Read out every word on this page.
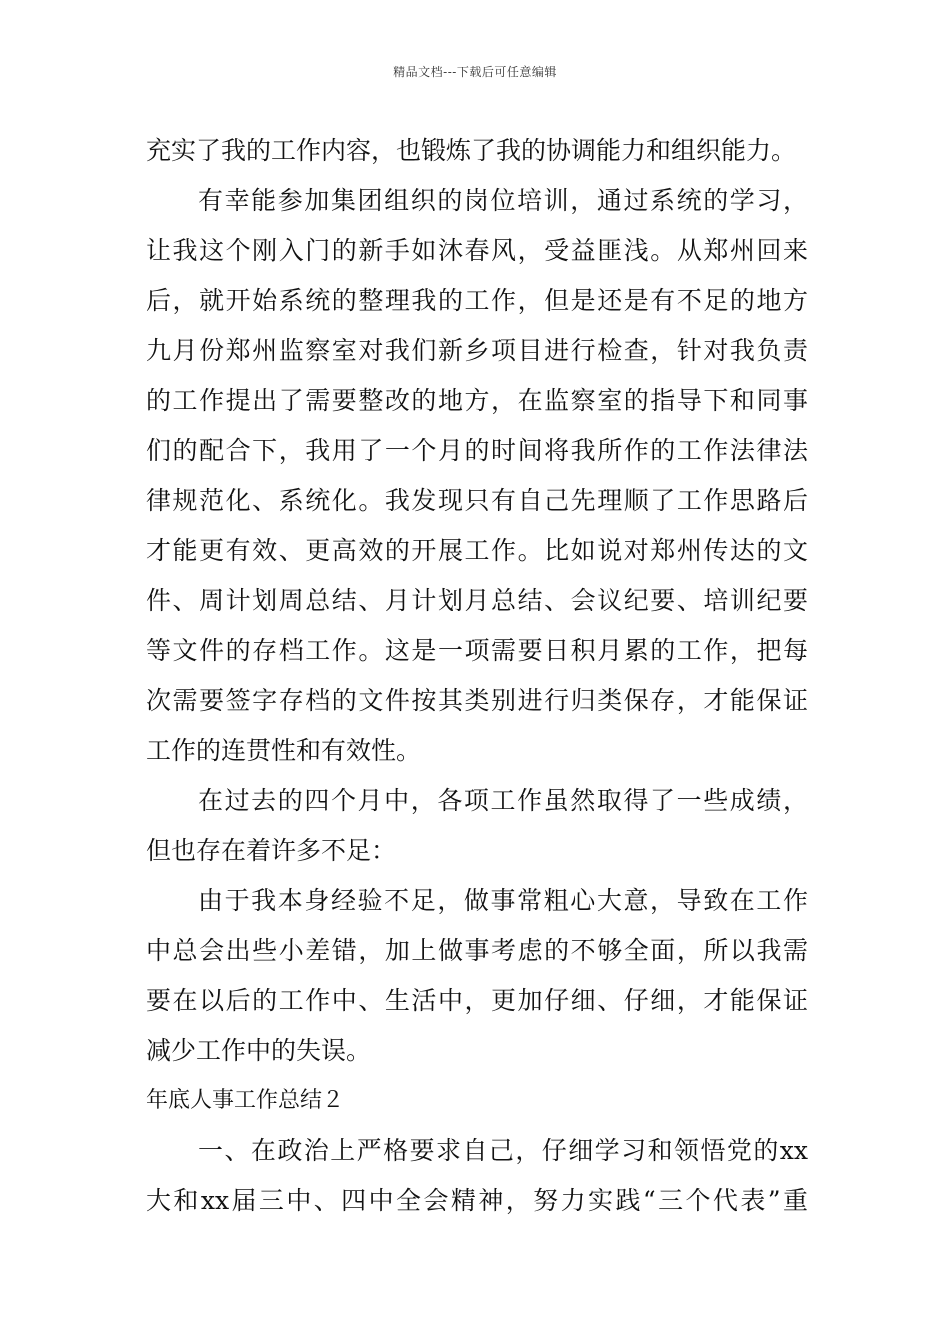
精品文档---下载后可任意编辑
充实了我的工作内容，也锻炼了我的协调能力和组织能力。
有幸能参加集团组织的岗位培训，通过系统的学习，
让我这个刚入门的新手如沐春风，受益匪浅。从郑州回来
后，就开始系统的整理我的工作，但是还是有不足的地方
九月份郑州监察室对我们新乡项目进行检查，针对我负责
的工作提出了需要整改的地方，在监察室的指导下和同事
们的配合下，我用了一个月的时间将我所作的工作法律法
律规范化、系统化。我发现只有自己先理顺了工作思路后
才能更有效、更高效的开展工作。比如说对郑州传达的文
件、周计划周总结、月计划月总结、会议纪要、培训纪要
等文件的存档工作。这是一项需要日积月累的工作，把每
次需要签字存档的文件按其类别进行归类保存，才能保证
工作的连贯性和有效性。
在过去的四个月中，各项工作虽然取得了一些成绩，
但也存在着许多不足：
由于我本身经验不足，做事常粗心大意，导致在工作
中总会出些小差错，加上做事考虑的不够全面，所以我需
要在以后的工作中、生活中，更加仔细、仔细，才能保证
减少工作中的失误。
年底人事工作总结２
一、在政治上严格要求自己，仔细学习和领悟党的xx
大和xx届三中、四中全会精神，努力实践“三个代表”重
